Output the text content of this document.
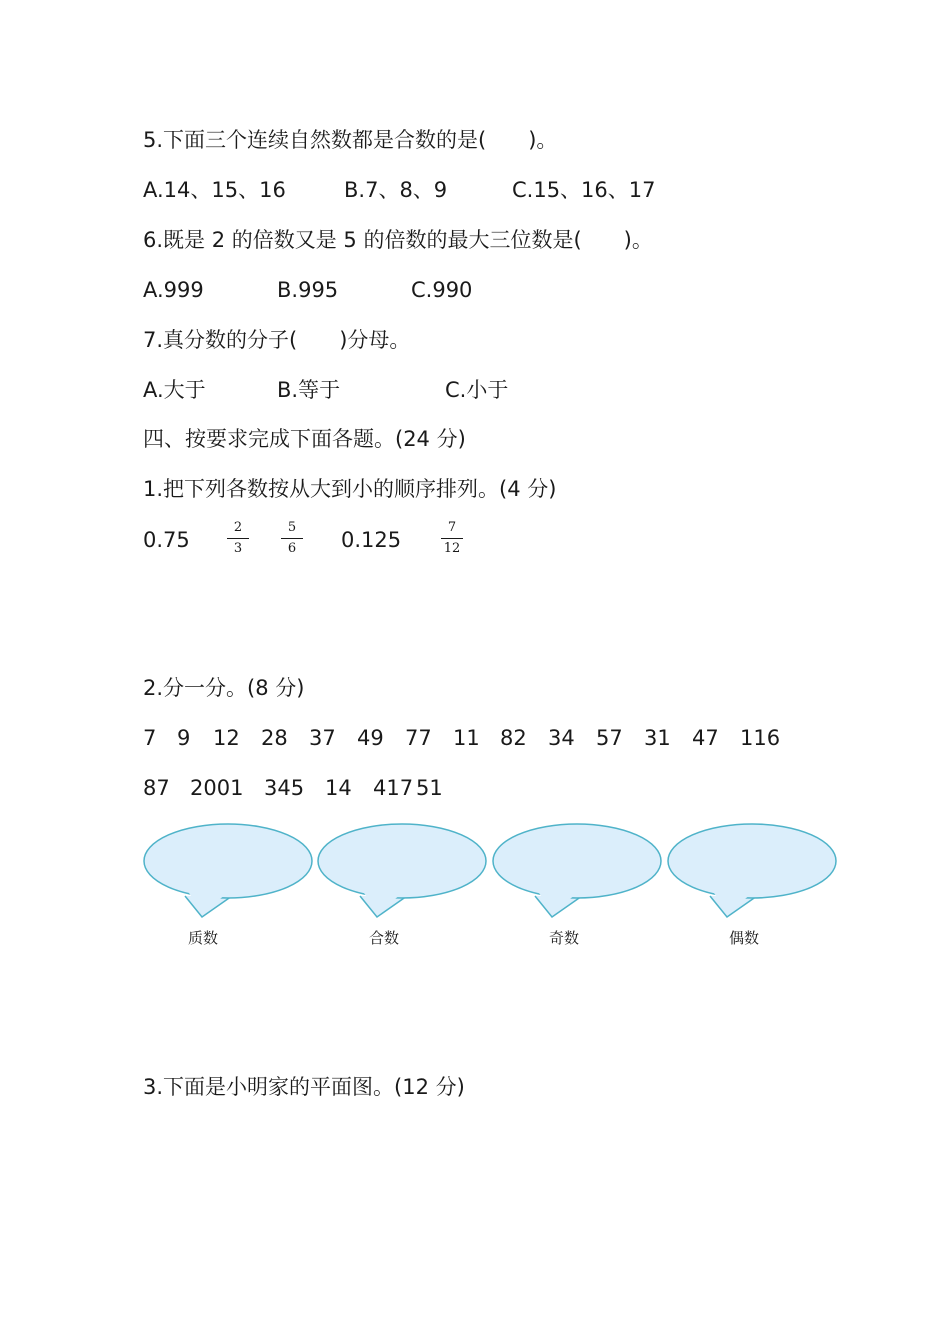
5.下面三个连续自然数都是合数的是(　　)。
A.14、15、16	B.7、8、9	C.15、16、17
6.既是 2 的倍数又是 5 的倍数的最大三位数是(　　)。
A.999	B.995	C.990
7.真分数的分子(　　)分母。
A.大于	B.等于	C.小于
四、按要求完成下面各题。(24 分)
1.把下列各数按从大到小的顺序排列。(4 分)
0.75
2
3
5
6	0.125
7
12
2.分一分。(8 分)
7 9 12 28 37 49 77 11 82 34 57 31 47 116
87 2001 345 14 417 51
质数	合数	奇数	偶数
3.下面是小明家的平面图。(12 分)
